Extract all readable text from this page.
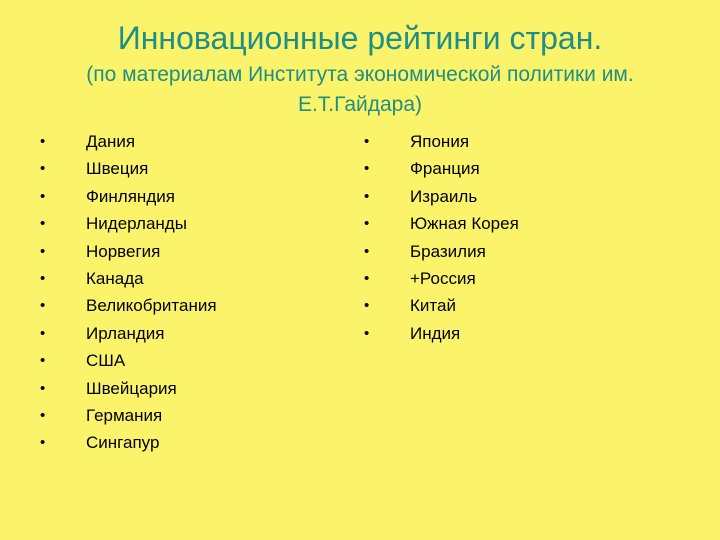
Инновационные рейтинги стран.
(по материалам Института экономической политики им. Е.Т.Гайдара)
•	Дания
•	Швеция
•	Финляндия
•	Нидерланды
•	Норвегия
•	Канада
•	Великобритания
•	Ирландия
•	США
•	Швейцария
•	Германия
•	Сингапур
•	Япония
•	Франция
•	Израиль
•	Южная Корея
•	Бразилия
•	+Россия
•	Китай
•	Индия
